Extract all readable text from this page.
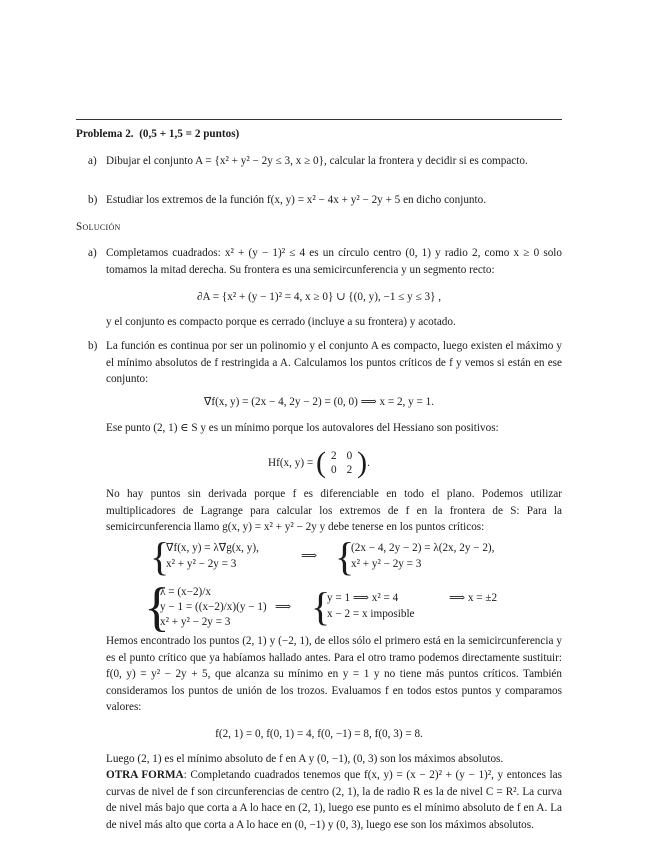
Problema 2. (0,5 + 1,5 = 2 puntos)
a) Dibujar el conjunto A = {x² + y² − 2y ≤ 3, x ≥ 0}, calcular la frontera y decidir si es compacto.
b) Estudiar los extremos de la función f(x, y) = x² − 4x + y² − 2y + 5 en dicho conjunto.
Solución
a) Completamos cuadrados: x² + (y − 1)² ≤ 4 es un círculo centro (0, 1) y radio 2, como x ≥ 0 solo tomamos la mitad derecha. Su frontera es una semicircunferencia y un segmento recto:
∂A = {x² + (y − 1)² = 4, x ≥ 0} ∪ {(0, y), −1 ≤ y ≤ 3} ,
y el conjunto es compacto porque es cerrado (incluye a su frontera) y acotado.
b) La función es continua por ser un polinomio y el conjunto A es compacto, luego existen el máximo y el mínimo absolutos de f restringida a A. Calculamos los puntos críticos de f y vemos si están en ese conjunto:
∇⃗f(x, y) = (2x − 4, 2y − 2) = (0, 0) ⟹ x = 2, y = 1.
Ese punto (2, 1) ∈ S y es un mínimo porque los autovalores del Hessiano son positivos:
Hf(x, y) = ( 2	0
0	2 ).
No hay puntos sin derivada porque f es diferenciable en todo el plano. Podemos utilizar multiplicadores de Lagrange para calcular los extremos de f en la frontera de S: Para la semicircunferencia llamo g(x, y) = x² + y² − 2y y debe tenerse en los puntos críticos:
{
∇⃗f(x, y) = λ∇⃗g(x, y),
x² + y² − 2y = 3
⟹ {
(2x − 4, 2y − 2) = λ(2x, 2y − 2),
x² + y² − 2y = 3
{
λ = (x−2)/x
y − 1 = ((x−2)/x)(y − 1)
x² + y² − 2y = 3
⟹ {
y = 1 ⟹ x² = 4
x − 2 = x imposible
⟹ x = ±2
Hemos encontrado los puntos (2, 1) y (−2, 1), de ellos sólo el primero está en la semicircunferencia y es el punto crítico que ya habíamos hallado antes. Para el otro tramo podemos directamente sustituir: f(0, y) = y² − 2y + 5, que alcanza su mínimo en y = 1 y no tiene más puntos críticos. También consideramos los puntos de unión de los trozos. Evaluamos f en todos estos puntos y comparamos valores:
f(2, 1) = 0, f(0, 1) = 4, f(0, −1) = 8, f(0, 3) = 8.
Luego (2, 1) es el mínimo absoluto de f en A y (0, −1), (0, 3) son los máximos absolutos.
OTRA FORMA: Completando cuadrados tenemos que f(x, y) = (x − 2)² + (y − 1)², y entonces las curvas de nivel de f son circunferencias de centro (2, 1), la de radio R es la de nivel C = R². La curva de nivel más bajo que corta a A lo hace en (2, 1), luego ese punto es el mínimo absoluto de f en A. La de nivel más alto que corta a A lo hace en (0, −1) y (0, 3), luego ese son los máximos absolutos.
